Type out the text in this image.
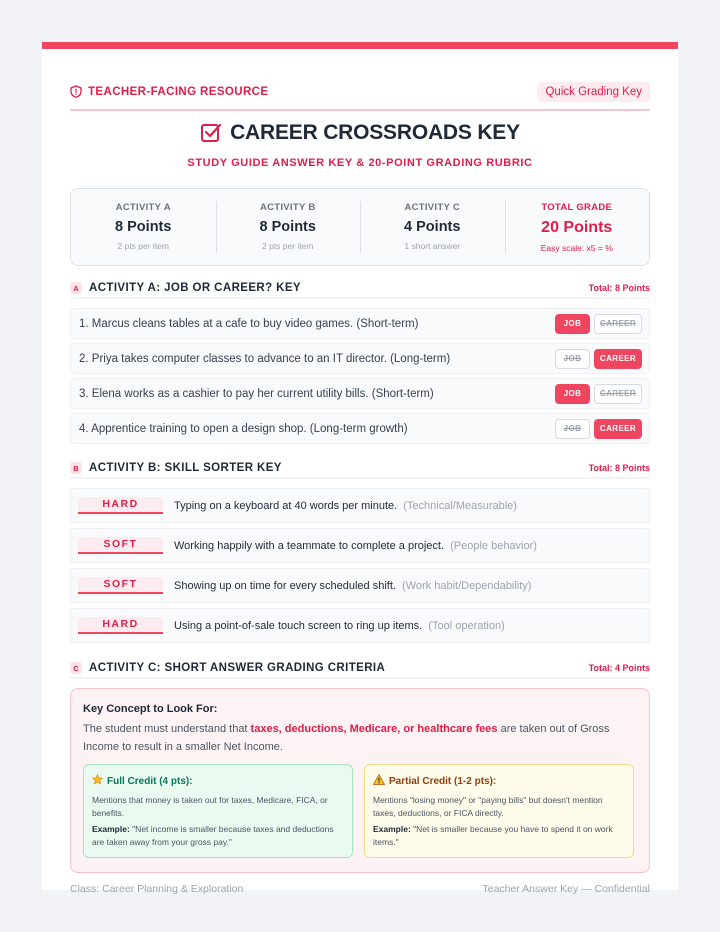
TEACHER-FACING RESOURCE	Quick Grading Key
CAREER CROSSROADS KEY
STUDY GUIDE ANSWER KEY & 20-POINT GRADING RUBRIC
ACTIVITY A
8 Points
2 pts per item
ACTIVITY B
8 Points
2 pts per item
ACTIVITY C
4 Points
1 short answer
TOTAL GRADE
20 Points
Easy scale: x5 = %
A ACTIVITY A: JOB OR CAREER? KEY	Total: 8 Points
1. Marcus cleans tables at a cafe to buy video games. (Short-term)	JOB	CAREER
2. Priya takes computer classes to advance to an IT director. (Long-term)	JOB	CAREER
3. Elena works as a cashier to pay her current utility bills. (Short-term)	JOB	CAREER
4. Apprentice training to open a design shop. (Long-term growth)	JOB	CAREER
B ACTIVITY B: SKILL SORTER KEY	Total: 8 Points
HARD	Typing on a keyboard at 40 words per minute. (Technical/Measurable)
SOFT	Working happily with a teammate to complete a project. (People behavior)
SOFT	Showing up on time for every scheduled shift. (Work habit/Dependability)
HARD	Using a point-of-sale touch screen to ring up items. (Tool operation)
C ACTIVITY C: SHORT ANSWER GRADING CRITERIA	Total: 4 Points
Key Concept to Look For:
The student must understand that taxes, deductions, Medicare, or healthcare fees are taken out of Gross Income to result in a smaller Net Income.
Full Credit (4 pts):
Mentions that money is taken out for taxes, Medicare, FICA, or benefits.
Example: "Net income is smaller because taxes and deductions are taken away from your gross pay."
Partial Credit (1-2 pts):
Mentions "losing money" or "paying bills" but doesn't mention taxes, deductions, or FICA directly.
Example: "Net is smaller because you have to spend it on work items."
Class: Career Planning & Exploration	Teacher Answer Key — Confidential
